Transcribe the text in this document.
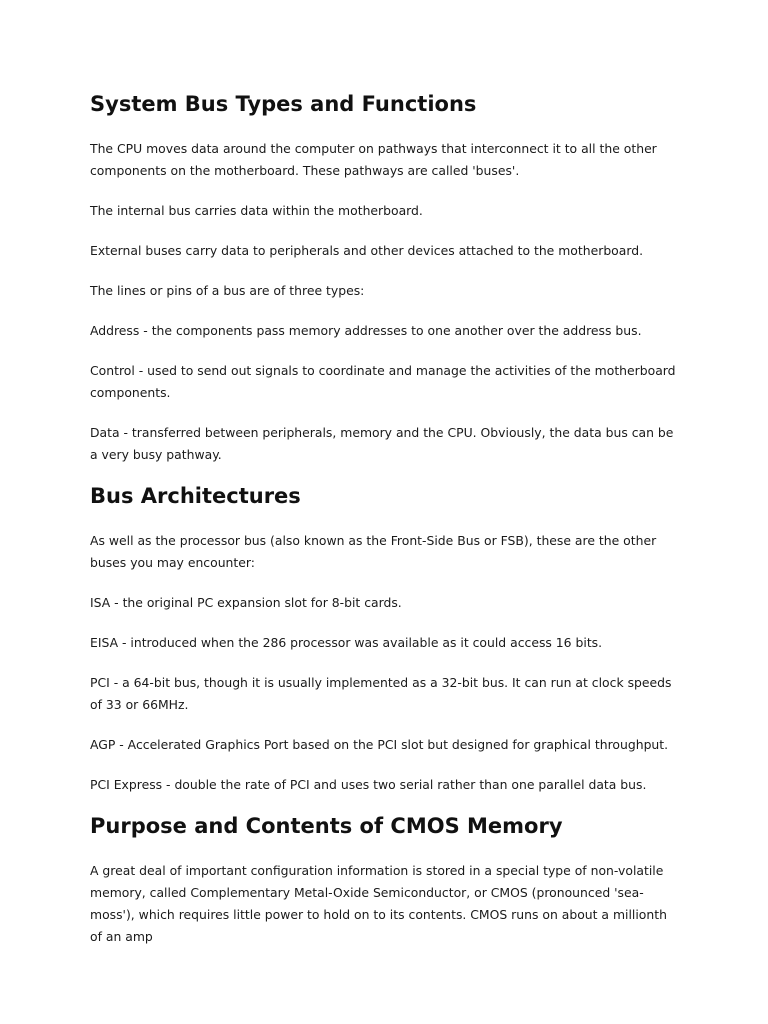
System Bus Types and Functions

The CPU moves data around the computer on pathways that interconnect it to all the other components on the motherboard. These pathways are called 'buses'.

The internal bus carries data within the motherboard.

External buses carry data to peripherals and other devices attached to the motherboard.

The lines or pins of a bus are of three types:

Address - the components pass memory addresses to one another over the address bus.

Control - used to send out signals to coordinate and manage the activities of the motherboard components.

Data - transferred between peripherals, memory and the CPU. Obviously, the data bus can be a very busy pathway.

Bus Architectures

As well as the processor bus (also known as the Front-Side Bus or FSB), these are the other buses you may encounter:

ISA - the original PC expansion slot for 8-bit cards.

EISA - introduced when the 286 processor was available as it could access 16 bits.

PCI - a 64-bit bus, though it is usually implemented as a 32-bit bus. It can run at clock speeds of 33 or 66MHz.

AGP - Accelerated Graphics Port based on the PCI slot but designed for graphical throughput.

PCI Express - double the rate of PCI and uses two serial rather than one parallel data bus.

Purpose and Contents of CMOS Memory

A great deal of important configuration information is stored in a special type of non-volatile memory, called Complementary Metal-Oxide Semiconductor, or CMOS (pronounced 'sea-moss'), which requires little power to hold on to its contents. CMOS runs on about a millionth of an amp
